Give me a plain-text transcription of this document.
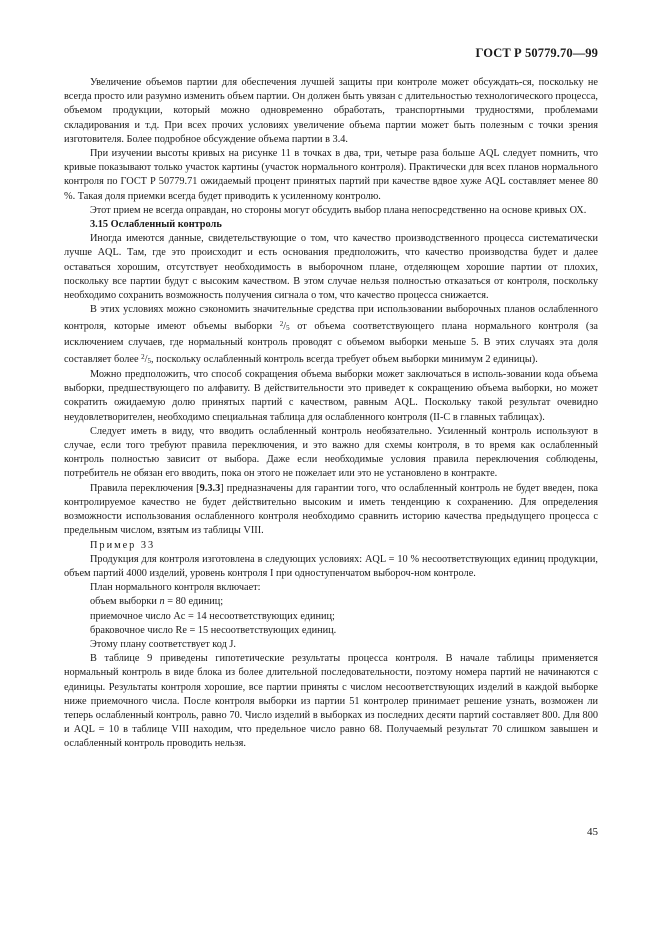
ГОСТ Р 50779.70—99

Увеличение объемов партии для обеспечения лучшей защиты при контроле может обсуждать-ся, поскольку не всегда просто или разумно изменить объем партии. Он должен быть увязан с длительностью технологического процесса, объемом продукции, который можно одновременно обработать, транспортными трудностями, проблемами складирования и т.д. При всех прочих условиях увеличение объема партии может быть полезным с точки зрения изготовителя. Более подробное обсуждение объема партии в 3.4.

При изучении высоты кривых на рисунке 11 в точках в два, три, четыре раза больше AQL следует помнить, что кривые показывают только участок картины (участок нормального контроля). Практически для всех планов нормального контроля по ГОСТ Р 50779.71 ожидаемый процент принятых партий при качестве вдвое хуже AQL составляет менее 80 %. Такая доля приемки всегда будет приводить к усиленному контролю.

Этот прием не всегда оправдан, но стороны могут обсудить выбор плана непосредственно на основе кривых ОХ.

3.15 Ослабленный контроль

Иногда имеются данные, свидетельствующие о том, что качество производственного процесса систематически лучше AQL. Там, где это происходит и есть основания предположить, что качество производства будет и далее оставаться хорошим, отсутствует необходимость в выборочном плане, отделяющем хорошие партии от плохих, поскольку все партии будут с высоким качеством. В этом случае нельзя полностью отказаться от контроля, поскольку необходимо сохранить возможность получения сигнала о том, что качество процесса снижается.

В этих условиях можно сэкономить значительные средства при использовании выборочных планов ослабленного контроля, которые имеют объемы выборки $^2$/5 от объема соответствующего плана нормального контроля (за исключением случаев, где нормальный контроль проводят с объемом выборки меньше 5. В этих случаях эта доля составляет более $^2$/5, поскольку ослабленный контроль всегда требует объем выборки минимум 2 единицы).

Можно предположить, что способ сокращения объема выборки может заключаться в исполь-зовании кода объема выборки, предшествующего по алфавиту. В действительности это приведет к сокращению объема выборки, но может сократить ожидаемую долю принятых партий с качеством, равным AQL. Поскольку такой результат очевидно неудовлетворителен, необходимо специальная таблица для ослабленного контроля (II-С в главных таблицах).

Следует иметь в виду, что вводить ослабленный контроль необязательно. Усиленный контроль используют в случае, если того требуют правила переключения, и это важно для схемы контроля, в то время как ослабленный контроль полностью зависит от выбора. Даже если необходимые условия правила переключения соблюдены, потребитель не обязан его вводить, пока он этого не пожелает или это не установлено в контракте.

Правила переключения [9.3.3] предназначены для гарантии того, что ослабленный контроль не будет введен, пока контролируемое качество не будет действительно высоким и иметь тенденцию к сохранению. Для определения возможности использования ослабленного контроля необходимо сравнить историю качества предыдущего процесса с предельным числом, взятым из таблицы VIII.

Пример 33

Продукция для контроля изготовлена в следующих условиях: AQL = 10 % несоответствующих единиц продукции, объем партий 4000 изделий, уровень контроля I при одноступенчатом выбороч-ном контроле.

План нормального контроля включает:

объем выборки n = 80 единиц;

приемочное число Ac = 14 несоответствующих единиц;

браковочное число Re = 15 несоответствующих единиц.

Этому плану соответствует код J.

В таблице 9 приведены гипотетические результаты процесса контроля. В начале таблицы применяется нормальный контроль в виде блока из более длительной последовательности, поэтому номера партий не начинаются с единицы. Результаты контроля хорошие, все партии приняты с числом несоответствующих изделий в каждой выборке ниже приемочного числа. После контроля выборки из партии 51 контролер принимает решение узнать, возможен ли теперь ослабленный контроль, равно 70. Число изделий в выборках из последних десяти партий составляет 800. Для 800 и AQL = 10 в таблице VIII находим, что предельное число равно 68. Получаемый результат 70 слишком завышен и ослабленный контроль проводить нельзя.

45
